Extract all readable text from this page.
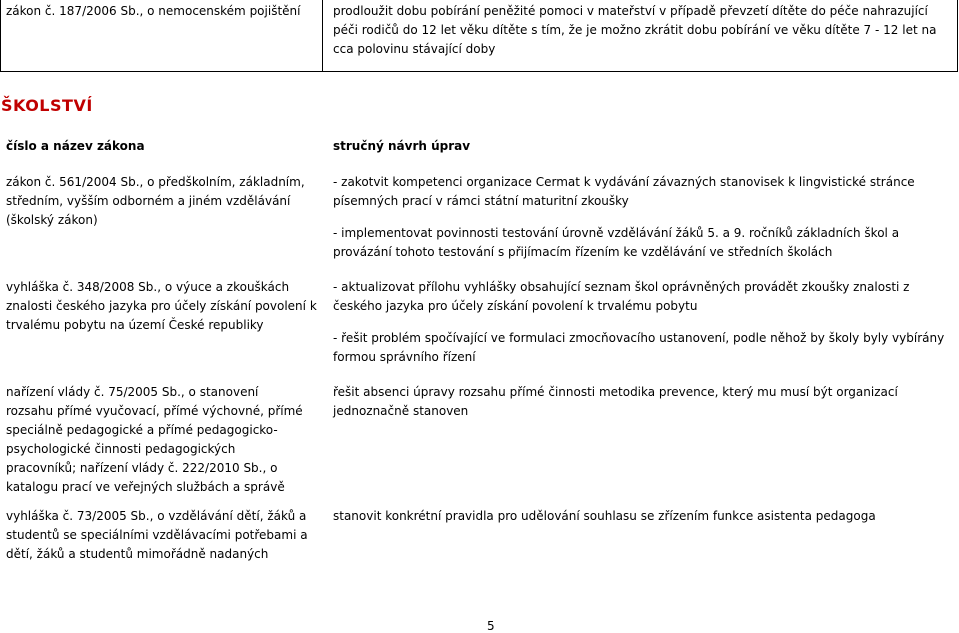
zákon č. 187/2006 Sb., o nemocenském pojištění	prodloužit dobu pobírání peněžité pomoci v mateřství v případě převzetí dítěte do péče nahrazující péči rodičů do 12 let věku dítěte s tím, že je možno zkrátit dobu pobírání ve věku dítěte 7 - 12 let na cca polovinu stávající doby
ŠKOLSTVÍ
číslo a název zákona	stručný návrh úprav
zákon č. 561/2004 Sb., o předškolním, základním, středním, vyšším odborném a jiném vzdělávání (školský zákon)

- zakotvit kompetenci organizace Cermat k vydávání závazných stanovisek k lingvistické stránce písemných prací v rámci státní maturitní zkoušky

- implementovat povinnosti testování úrovně vzdělávání žáků 5. a 9. ročníků základních škol a provázání tohoto testování s přijímacím řízením ke vzdělávání ve středních školách

vyhláška č. 348/2008 Sb., o výuce a zkouškách znalosti českého jazyka pro účely získání povolení k trvalému pobytu na území České republiky

- aktualizovat přílohu vyhlášky obsahující seznam škol oprávněných provádět zkoušky znalosti z českého jazyka pro účely získání povolení k trvalému pobytu

- řešit problém spočívající ve formulaci zmocňovacího ustanovení, podle něhož by školy byly vybírány formou správního řízení

nařízení vlády č. 75/2005 Sb., o stanovení rozsahu přímé vyučovací, přímé výchovné, přímé speciálně pedagogické a přímé pedagogicko-psychologické činnosti pedagogických pracovníků; nařízení vlády č. 222/2010 Sb., o katalogu prací ve veřejných službách a správě

řešit absenci úpravy rozsahu přímé činnosti metodika prevence, který mu musí být organizací jednoznačně stanoven

vyhláška č. 73/2005 Sb., o vzdělávání dětí, žáků a studentů se speciálními vzdělávacími potřebami a dětí, žáků a studentů mimořádně nadaných

stanovit konkrétní pravidla pro udělování souhlasu se zřízením funkce asistenta pedagoga

5
